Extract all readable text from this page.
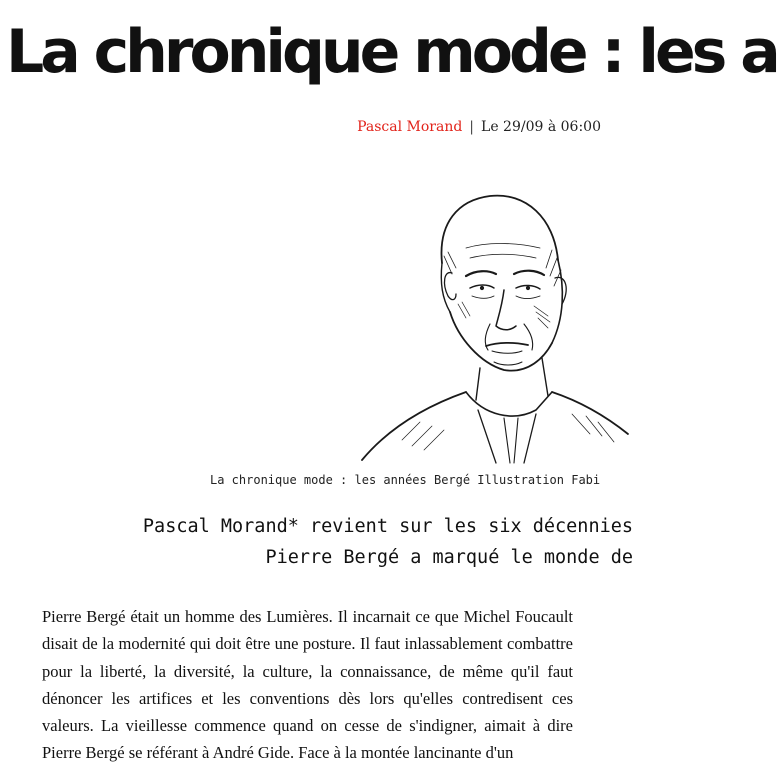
La chronique mode : les a
Pascal Morand | Le 29/09 à 06:00
La chronique mode : les années Bergé Illustration Fabi
Pascal Morand* revient sur les six décennies
Pierre Bergé a marqué le monde de

Pierre Bergé était un homme des Lumières. Il incarnait ce que Michel Foucault disait de la modernité qui doit être une posture. Il faut inlassablement combattre pour la liberté, la diversité, la culture, la connaissance, de même qu'il faut dénoncer les artifices et les conventions dès lors qu'elles contredisent ces valeurs. La vieillesse commence quand on cesse de s'indigner, aimait à dire Pierre Bergé se référant à André Gide. Face à la montée lancinante d'un
